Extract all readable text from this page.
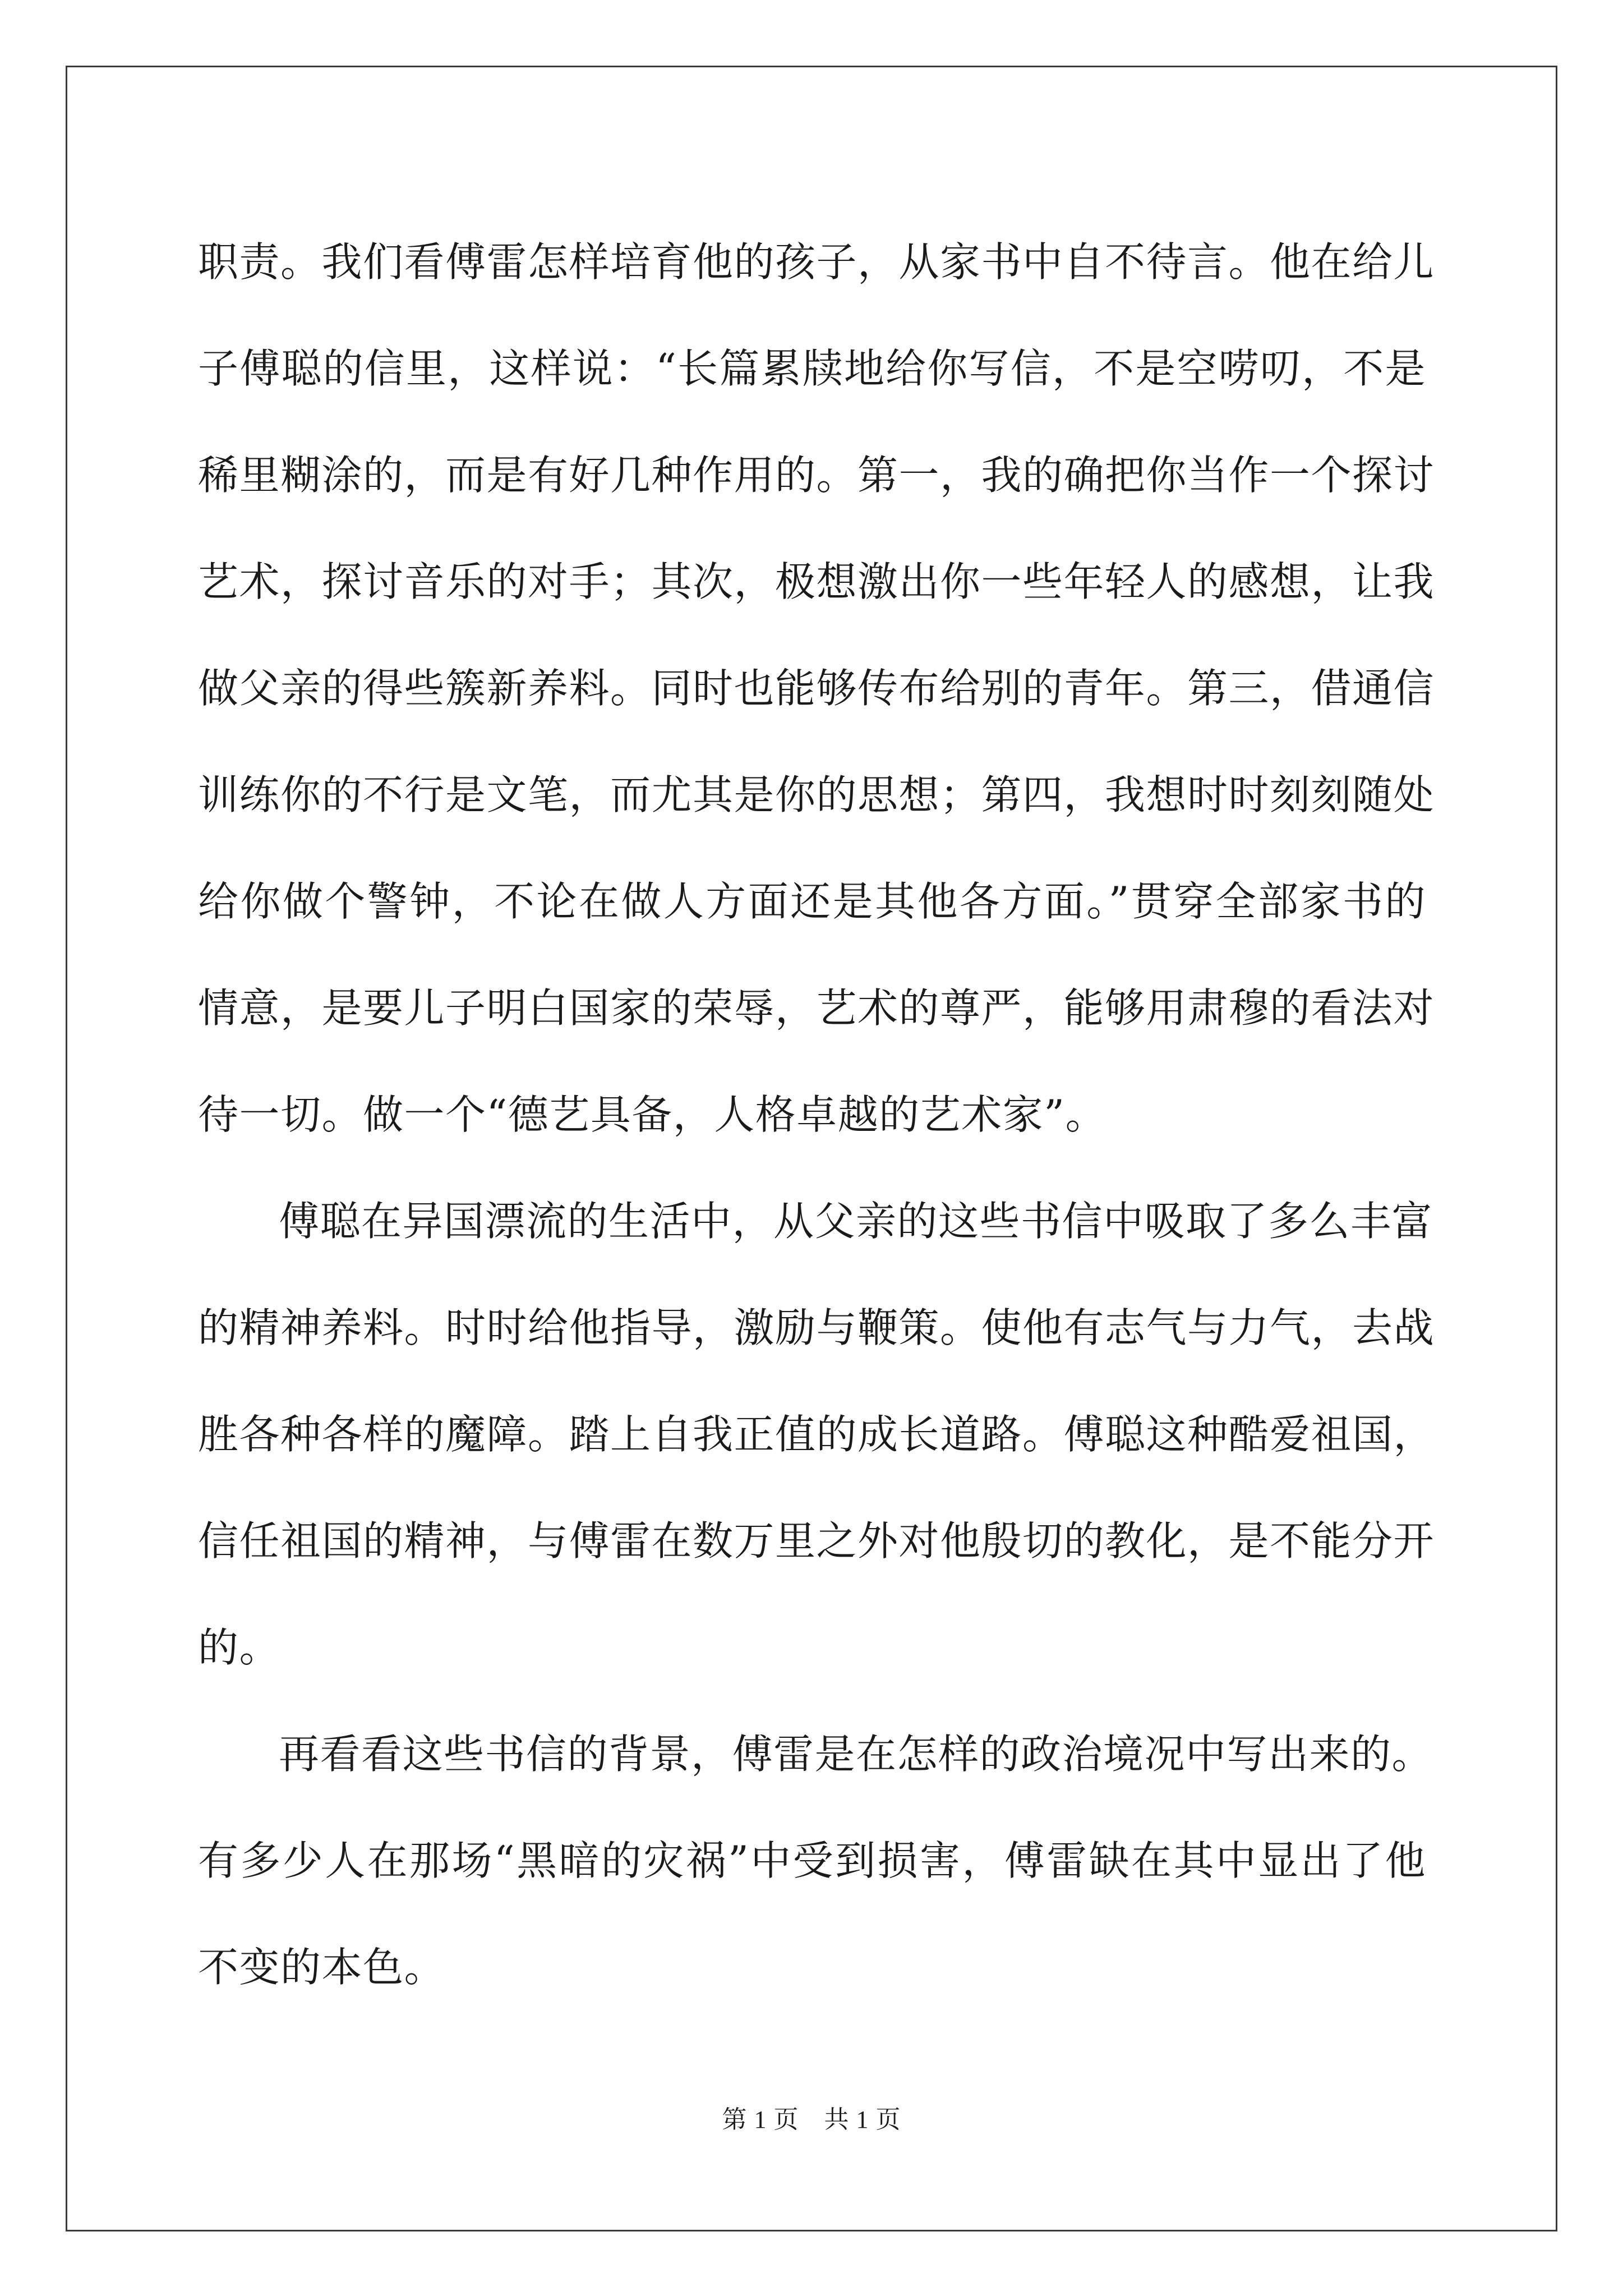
职责。我们看傅雷怎样培育他的孩子，从家书中自不待言。他在给儿
子傅聪的信里，这样说：“长篇累牍地给你写信，不是空唠叨，不是
稀里糊涂的，而是有好几种作用的。第一，我的确把你当作一个探讨
艺术，探讨音乐的对手；其次，极想激出你一些年轻人的感想，让我
做父亲的得些簇新养料。同时也能够传布给别的青年。第三，借通信
训练你的不行是文笔，而尤其是你的思想；第四，我想时时刻刻随处
给你做个警钟，不论在做人方面还是其他各方面。”贯穿全部家书的
情意，是要儿子明白国家的荣辱，艺术的尊严，能够用肃穆的看法对
待一切。做一个“德艺具备，人格卓越的艺术家”。
傅聪在异国漂流的生活中，从父亲的这些书信中吸取了多么丰富
的精神养料。时时给他指导，激励与鞭策。使他有志气与力气，去战
胜各种各样的魔障。踏上自我正值的成长道路。傅聪这种酷爱祖国，
信任祖国的精神，与傅雷在数万里之外对他殷切的教化，是不能分开
的。
再看看这些书信的背景，傅雷是在怎样的政治境况中写出来的。
有多少人在那场“黑暗的灾祸”中受到损害，傅雷缺在其中显出了他
不变的本色。
第 1 页　共 1 页
